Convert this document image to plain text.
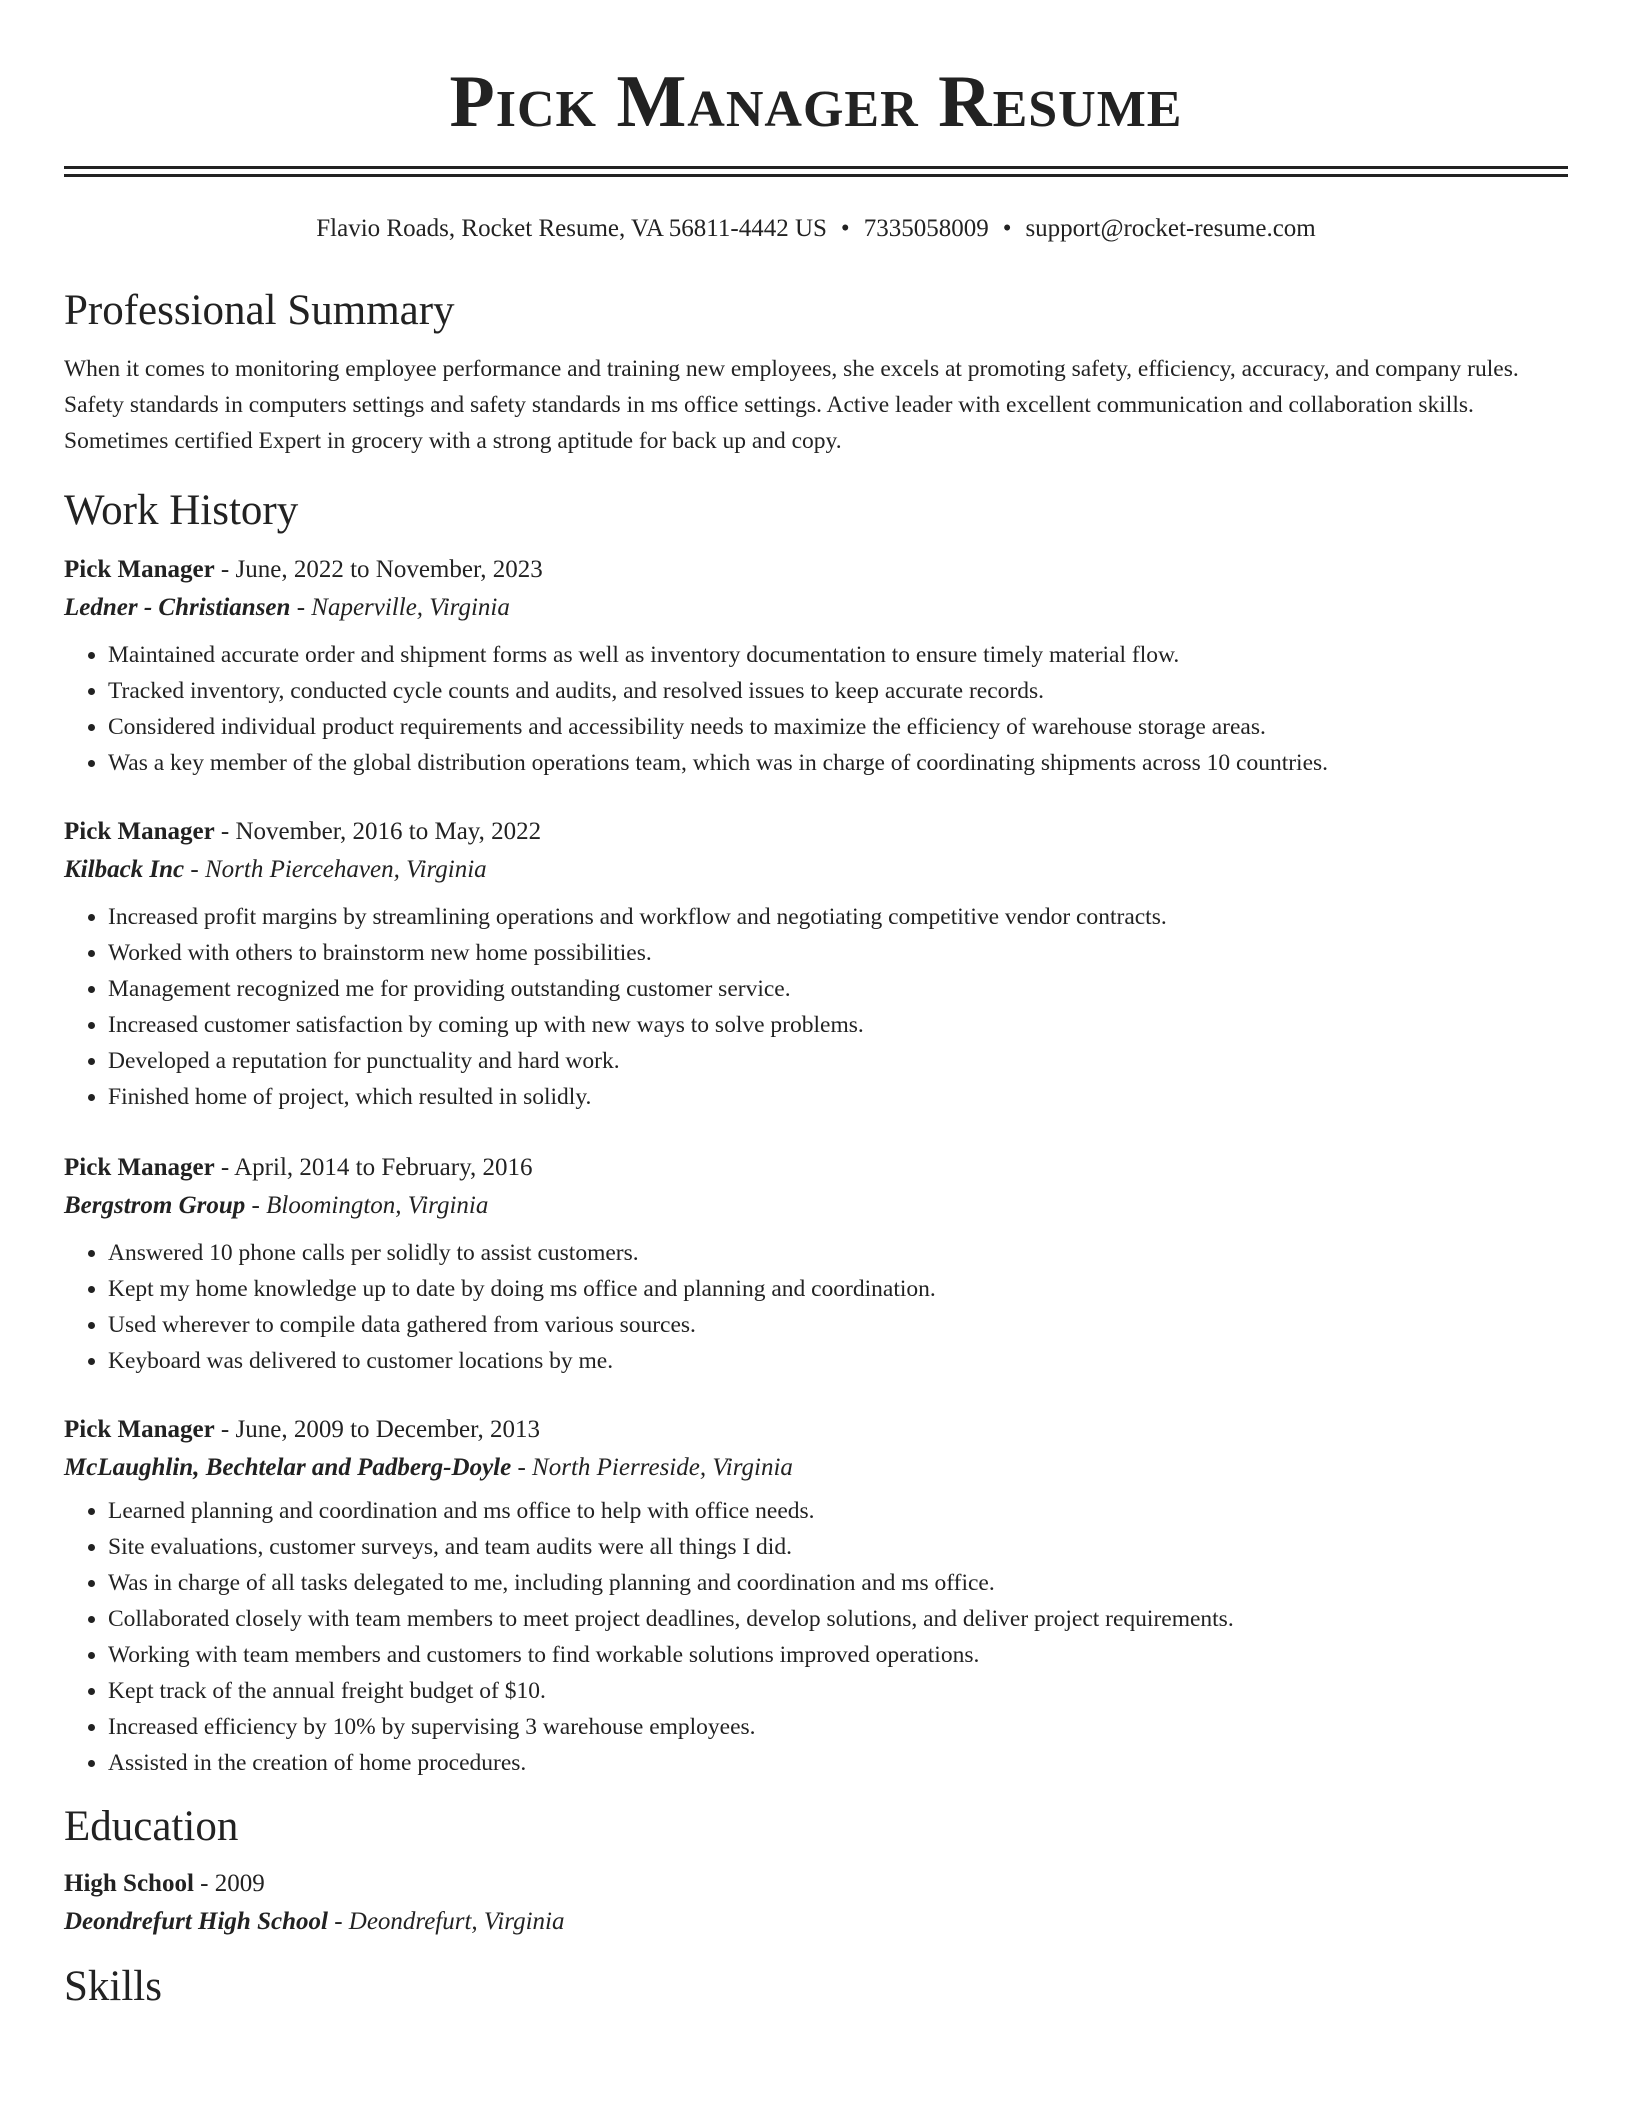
Pick Manager Resume
Flavio Roads, Rocket Resume, VA 56811-4442 US • 7335058009 • support@rocket-resume.com
Professional Summary
When it comes to monitoring employee performance and training new employees, she excels at promoting safety, efficiency, accuracy, and company rules. Safety standards in computers settings and safety standards in ms office settings. Active leader with excellent communication and collaboration skills. Sometimes certified Expert in grocery with a strong aptitude for back up and copy.
Work History
Pick Manager - June, 2022 to November, 2023
Ledner - Christiansen - Naperville, Virginia
• Maintained accurate order and shipment forms as well as inventory documentation to ensure timely material flow.
• Tracked inventory, conducted cycle counts and audits, and resolved issues to keep accurate records.
• Considered individual product requirements and accessibility needs to maximize the efficiency of warehouse storage areas.
• Was a key member of the global distribution operations team, which was in charge of coordinating shipments across 10 countries.
Pick Manager - November, 2016 to May, 2022
Kilback Inc - North Piercehaven, Virginia
• Increased profit margins by streamlining operations and workflow and negotiating competitive vendor contracts.
• Worked with others to brainstorm new home possibilities.
• Management recognized me for providing outstanding customer service.
• Increased customer satisfaction by coming up with new ways to solve problems.
• Developed a reputation for punctuality and hard work.
• Finished home of project, which resulted in solidly.
Pick Manager - April, 2014 to February, 2016
Bergstrom Group - Bloomington, Virginia
• Answered 10 phone calls per solidly to assist customers.
• Kept my home knowledge up to date by doing ms office and planning and coordination.
• Used wherever to compile data gathered from various sources.
• Keyboard was delivered to customer locations by me.
Pick Manager - June, 2009 to December, 2013
McLaughlin, Bechtelar and Padberg-Doyle - North Pierreside, Virginia
• Learned planning and coordination and ms office to help with office needs.
• Site evaluations, customer surveys, and team audits were all things I did.
• Was in charge of all tasks delegated to me, including planning and coordination and ms office.
• Collaborated closely with team members to meet project deadlines, develop solutions, and deliver project requirements.
• Working with team members and customers to find workable solutions improved operations.
• Kept track of the annual freight budget of $10.
• Increased efficiency by 10% by supervising 3 warehouse employees.
• Assisted in the creation of home procedures.
Education
High School - 2009
Deondrefurt High School - Deondrefurt, Virginia
Skills
